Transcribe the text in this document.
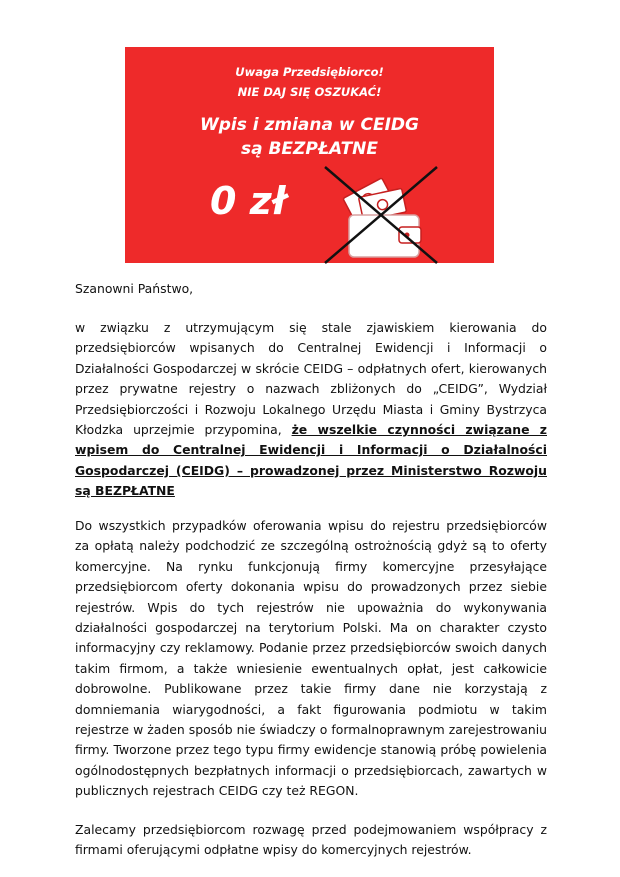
Uwaga Przedsiębiorco!
NIE DAJ SIĘ OSZUKAĆ!
Wpis i zmiana w CEIDG
są BEZPŁATNE
0 zł
Szanowni Państwo,
w związku z utrzymującym się stale zjawiskiem kierowania do przedsiębiorców wpisanych do Centralnej Ewidencji i Informacji o Działalności Gospodarczej w skrócie CEIDG – odpłatnych ofert, kierowanych przez prywatne rejestry o nazwach zbliżonych do „CEIDG”, Wydział Przedsiębiorczości i Rozwoju Lokalnego Urzędu Miasta i Gminy Bystrzyca Kłodzka uprzejmie przypomina, że wszelkie czynności związane z wpisem do Centralnej Ewidencji i Informacji o Działalności Gospodarczej (CEIDG) – prowadzonej przez Ministerstwo Rozwoju są BEZPŁATNE
Do wszystkich przypadków oferowania wpisu do rejestru przedsiębiorców za opłatą należy podchodzić ze szczególną ostrożnością gdyż są to oferty komercyjne. Na rynku funkcjonują firmy komercyjne przesyłające przedsiębiorcom oferty dokonania wpisu do prowadzonych przez siebie rejestrów. Wpis do tych rejestrów nie upoważnia do wykonywania działalności gospodarczej na terytorium Polski. Ma on charakter czysto informacyjny czy reklamowy. Podanie przez przedsiębiorców swoich danych takim firmom, a także wniesienie ewentualnych opłat, jest całkowicie dobrowolne. Publikowane przez takie firmy dane nie korzystają z domniemania wiarygodności, a fakt figurowania podmiotu w takim rejestrze w żaden sposób nie świadczy o formalnoprawnym zarejestrowaniu firmy. Tworzone przez tego typu firmy ewidencje stanowią próbę powielenia ogólnodostępnych bezpłatnych informacji o przedsiębiorcach, zawartych w publicznych rejestrach CEIDG czy też REGON.
Zalecamy przedsiębiorcom rozwagę przed podejmowaniem współpracy z firmami oferującymi odpłatne wpisy do komercyjnych rejestrów.
